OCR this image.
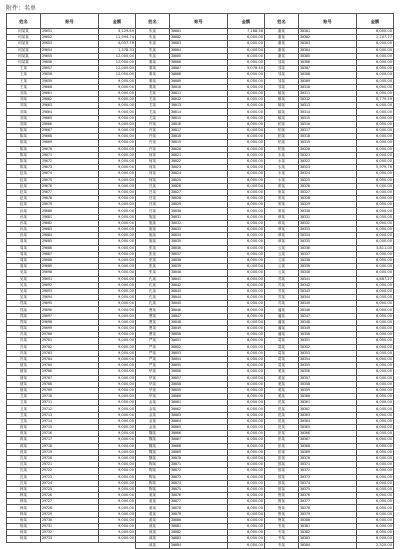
附件：名单
姓名	账号	金额
何某某	29651	3,129.49
何某某	29652	11,994.74
何某某	29653	4,057.79
何某某	29654	1,378.33
何某某	29655	12,000.00
何某某	29656	12,000.00
王某	29657	12,000.00
王某	29658	12,000.00
王某	29659	9,000.00
王某	29660	9,000.00
刘某	29661	9,000.00
刘某	29662	9,000.00
刘某	29663	9,000.00
刘某	29664	9,000.00
刘某	29665	9,000.00
刘某	29666	9,000.00
陈某	29667	9,000.00
陈某	29668	9,000.00
陈某	29669	9,000.00
陈某	29670	9,000.00
陈某	29671	9,000.00
陈某	29672	9,000.00
陈某	29673	9,000.00
赵某	29674	9,000.00
赵某	29675	9,000.00
赵某	29676	9,000.00
赵某	29677	9,000.00
赵某	29678	9,000.00
赵某	29679	9,000.00
孙某	29680	9,000.00
孙某	29681	9,000.00
孙某	29682	9,000.00
孙某	29683	9,000.00
孙某	29684	9,000.00
周某	29685	9,000.00
周某	29686	9,000.00
周某	29687	9,000.00
周某	29688	9,000.00
周某	29689	9,000.00
吴某	29690	9,000.00
吴某	29691	9,000.00
吴某	29692	9,000.00
吴某	29693	9,000.00
吴某	29694	9,000.00
郑某	29695	9,000.00
郑某	29696	9,000.00
郑某	29697	9,000.00
郑某	29698	9,000.00
郑某	29699	9,000.00
冯某	29700	9,000.00
冯某	29701	9,000.00
冯某	29702	9,000.00
冯某	29703	9,000.00
冯某	29704	9,000.00
褚某	29705	9,000.00
褚某	29706	9,000.00
褚某	29707	9,000.00
褚某	29708	9,000.00
褚某	29709	9,000.00
卫某	29710	9,000.00
卫某	29711	9,000.00
卫某	29712	9,000.00
卫某	29713	9,000.00
卫某	29714	9,000.00
蒋某	29715	9,000.00
蒋某	29716	9,000.00
蒋某	29717	9,000.00
蒋某	29718	9,000.00
蒋某	29719	9,000.00
沈某	29720	9,000.00
沈某	29721	9,000.00
沈某	29722	9,000.00
沈某	29723	9,000.00
沈某	29724	9,000.00
韩某	29725	9,000.00
韩某	29726	9,000.00
韩某	29727	9,000.00
韩某	29728	9,000.00
韩某	29729	9,000.00
杨某	29730	9,000.00
杨某	29731	9,000.00
杨某	29732	9,000.00
杨某	29733	9,000.00
姓名	账号	金额
朱某	30001	7,168.56
朱某	30002	6,000.00
朱某	30003	6,000.00
朱某	30004	6,000.00
朱某	30005	6,000.00
秦某	30006	6,000.00
秦某	30007	5,078.45
秦某	30008	6,000.00
秦某	30009	6,000.00
秦某	30010	6,000.00
尤某	30011	6,000.00
尤某	30012	6,000.00
尤某	30013	6,000.00
尤某	30014	6,000.00
尤某	30015	6,000.00
许某	30016	6,000.00
许某	30017	6,000.00
许某	30018	6,000.00
许某	30019	6,000.00
许某	30020	6,000.00
何某	30021	6,000.00
何某	30022	6,000.00
何某	30023	6,000.00
何某	30024	6,000.00
何某	30025	6,000.00
吕某	30026	6,000.00
吕某	30027	6,000.00
吕某	30028	6,000.00
吕某	30029	6,000.00
吕某	30030	6,000.00
施某	30031	6,000.00
施某	30032	6,000.00
施某	30033	6,000.00
施某	30034	6,000.00
施某	30035	6,000.00
张某	30036	6,000.00
张某	30037	6,000.00
张某	30038	6,000.00
张某	30039	6,000.00
张某	30040	6,000.00
孔某	30041	6,000.00
孔某	30042	6,000.00
孔某	30043	6,000.00
孔某	30044	6,000.00
孔某	30045	6,000.00
曹某	30046	6,000.00
曹某	30047	6,000.00
曹某	30048	6,000.00
曹某	30049	6,000.00
曹某	30050	6,000.00
严某	30051	6,000.00
严某	30052	6,000.00
严某	30053	6,000.00
严某	30054	6,000.00
严某	30055	6,000.00
华某	30056	6,000.00
华某	30057	6,000.00
华某	30058	6,000.00
华某	30059	6,000.00
华某	30060	6,000.00
金某	30061	6,000.00
金某	30062	6,000.00
金某	30063	6,000.00
金某	30064	6,000.00
金某	30065	6,000.00
魏某	30066	6,000.00
魏某	30067	6,000.00
魏某	30068	6,000.00
魏某	30069	6,000.00
魏某	30070	6,000.00
陶某	30071	6,000.00
陶某	30072	6,000.00
陶某	30073	6,000.00
陶某	30074	6,000.00
陶某	30075	6,000.00
姜某	30076	6,000.00
姜某	30077	6,000.00
姜某	30078	6,000.00
姜某	30079	6,000.00
姜某	30080	6,000.00
戚某	30081	6,000.00
戚某	30082	6,000.00
戚某	30083	6,000.00
戚某	30084	6,000.00
姓名	账号	金额
谢某	30301	6,000.00
谢某	30302	2,207.77
谢某	30303	6,000.00
谢某	30304	6,000.00
谢某	30305	6,000.00
邹某	30306	6,000.00
邹某	30307	6,000.00
邹某	30308	6,000.00
邹某	30309	6,000.00
邹某	30310	6,000.00
喻某	30311	6,000.00
喻某	30312	8,779.59
喻某	30313	6,000.00
喻某	30314	6,000.00
喻某	30315	6,000.00
柏某	30316	6,000.00
柏某	30317	6,000.00
柏某	30318	6,000.00
柏某	30319	6,000.00
柏某	30320	6,000.00
水某	30321	6,000.00
水某	30322	6,000.00
水某	30323	5,979.76
水某	30324	6,000.00
水某	30325	6,000.00
窦某	30326	9,000.00
窦某	30327	6,000.00
窦某	30328	6,000.00
窦某	30329	6,000.00
窦某	30330	6,000.00
章某	30331	6,000.00
章某	30332	6,000.00
章某	30333	6,000.00
章某	30334	6,000.00
章某	30335	6,000.00
云某	30336	3,811.00
云某	30337	6,000.00
云某	30338	6,000.00
云某	30339	6,000.00
云某	30340	6,000.00
苏某	30341	4,687.27
苏某	30342	6,000.00
苏某	30343	6,000.00
苏某	30344	6,000.00
苏某	30345	6,000.00
潘某	30346	6,000.00
潘某	30347	6,000.00
潘某	30348	6,000.00
潘某	30349	6,000.00
潘某	30350	6,000.00
葛某	30351	6,000.00
葛某	30352	6,000.00
葛某	30353	6,000.00
葛某	30354	6,000.00
葛某	30355	6,000.00
奚某	30356	6,000.00
奚某	30357	6,000.00
奚某	30358	6,000.00
奚某	30359	6,000.00
奚某	30360	6,000.00
范某	30361	6,000.00
范某	30362	6,000.00
范某	30363	6,000.00
范某	30364	6,000.00
范某	30365	6,000.00
彭某	30366	6,000.00
彭某	30367	6,000.00
彭某	30368	6,000.00
彭某	30369	6,000.00
彭某	30370	6,000.00
郎某	30371	6,000.00
郎某	30372	6,000.00
郎某	30373	6,000.00
郎某	30374	6,000.00
郎某	30375	6,000.00
鲁某	30376	6,000.00
鲁某	30377	6,000.00
鲁某	30378	6,000.00
鲁某	30379	6,000.00
鲁某	30380	6,000.00
韦某	30381	6,000.00
韦某	30382	6,000.00
韦某	30383	6,000.00
韦某	30384	2,520.00
